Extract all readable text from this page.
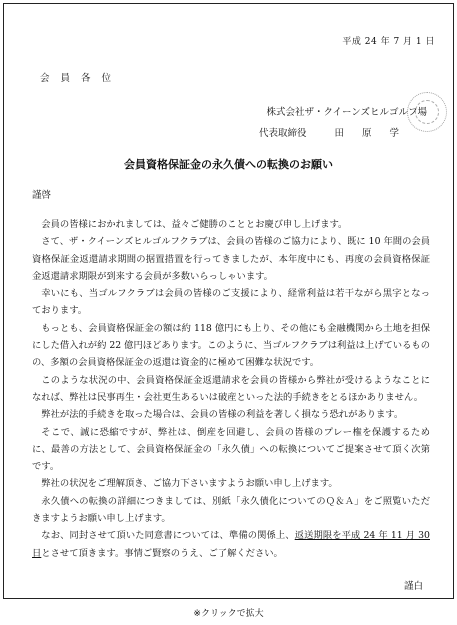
平成 24 年 7 月 1 日
会 員 各 位
株式会社ザ・クイーンズヒルゴルフ場
代表取締役	田原学
会員資格保証金の永久債への転換のお願い
謹啓

会員の皆様におかれましては、益々ご健勝のこととお慶び申し上げます。

さて、ザ・クイーンズヒルゴルフクラブは、会員の皆様のご協力により、既に 10 年間の会員資格保証金返還請求期間の据置措置を行ってきましたが、本年度中にも、再度の会員資格保証金返還請求期限が到来する会員が多数いらっしゃいます。

幸いにも、当ゴルフクラブは会員の皆様のご支援により、経常利益は若干ながら黒字となっております。

もっとも、会員資格保証金の額は約 118 億円にも上り、その他にも金融機関から土地を担保にした借入れが約 22 億円ほどあります。このように、当ゴルフクラブは利益は上げているものの、多額の会員資格保証金の返還は資金的に極めて困難な状況です。

このような状況の中、会員資格保証金返還請求を会員の皆様から弊社が受けるようなことになれば、弊社は民事再生・会社更生あるいは破産といった法的手続きをとるほかありません。

弊社が法的手続きを取った場合は、会員の皆様の利益を著しく損なう恐れがあります。

そこで、誠に恐縮ですが、弊社は、倒産を回避し、会員の皆様のプレー権を保護するために、最善の方法として、会員資格保証金の「永久債」への転換についてご提案させて頂く次第です。

弊社の状況をご理解頂き、ご協力下さいますようお願い申し上げます。

永久債への転換の詳細につきましては、別紙「永久債化についてのＱ＆Ａ」をご照覧いただきますようお願い申し上げます。

なお、同封させて頂いた同意書については、準備の関係上、返送期限を平成 24 年 11 月 30 日とさせて頂きます。事情ご賢察のうえ、ご了解ください。

謹白
※クリックで拡大
